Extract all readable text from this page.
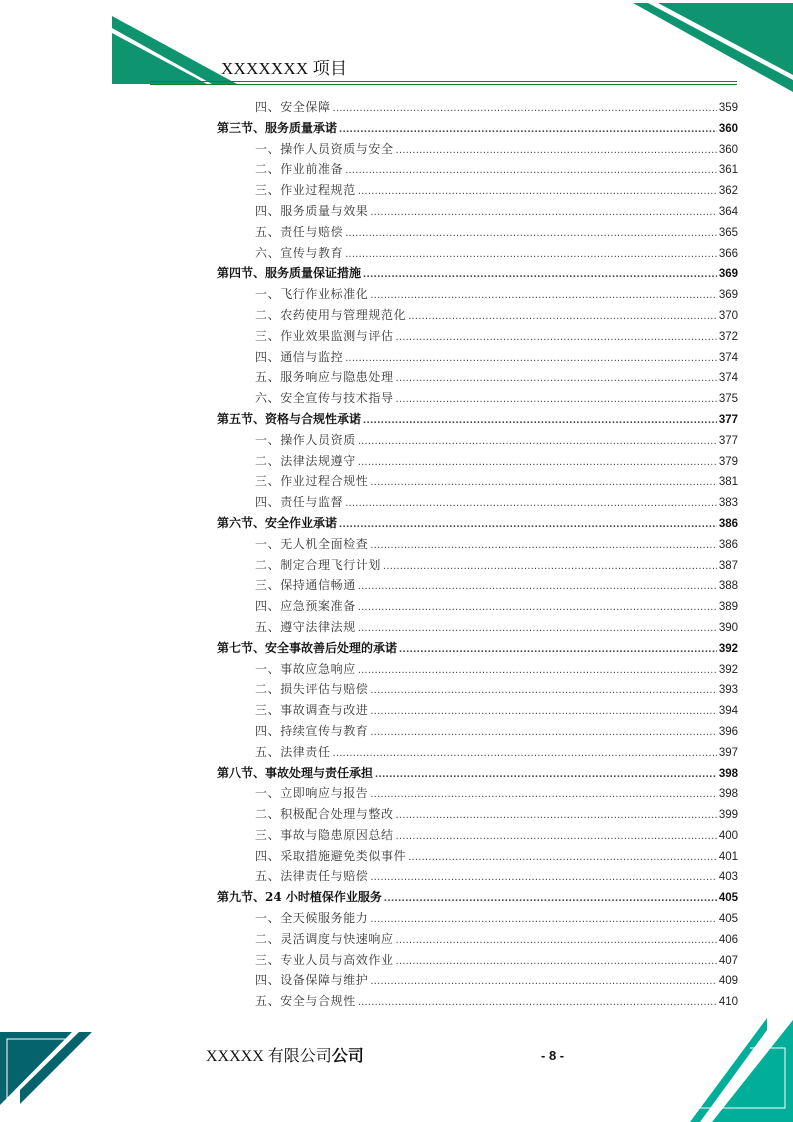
XXXXXXX 项目
四、安全保障 .....	359
第三节、服务质量承诺 .....	360
一、操作人员资质与安全 .....	360
二、作业前准备 .....	361
三、作业过程规范 .....	362
四、服务质量与效果 .....	364
五、责任与赔偿 .....	365
六、宣传与教育 .....	366
第四节、服务质量保证措施 .....	369
一、飞行作业标准化 .....	369
二、农药使用与管理规范化 .....	370
三、作业效果监测与评估 .....	372
四、通信与监控 .....	374
五、服务响应与隐患处理 .....	374
六、安全宣传与技术指导 .....	375
第五节、资格与合规性承诺 .....	377
一、操作人员资质 .....	377
二、法律法规遵守 .....	379
三、作业过程合规性 .....	381
四、责任与监督 .....	383
第六节、安全作业承诺 .....	386
一、无人机全面检查 .....	386
二、制定合理飞行计划 .....	387
三、保持通信畅通 .....	388
四、应急预案准备 .....	389
五、遵守法律法规 .....	390
第七节、安全事故善后处理的承诺 .....	392
一、事故应急响应 .....	392
二、损失评估与赔偿 .....	393
三、事故调查与改进 .....	394
四、持续宣传与教育 .....	396
五、法律责任 .....	397
第八节、事故处理与责任承担 .....	398
一、立即响应与报告 .....	398
二、积极配合处理与整改 .....	399
三、事故与隐患原因总结 .....	400
四、采取措施避免类似事件 .....	401
五、法律责任与赔偿 .....	403
第九节、24 小时植保作业服务 .....	405
一、全天候服务能力 .....	405
二、灵活调度与快速响应 .....	406
三、专业人员与高效作业 .....	407
四、设备保障与维护 .....	409
五、安全与合规性 .....	410
XXXXX 有限公司公司	- 8 -
